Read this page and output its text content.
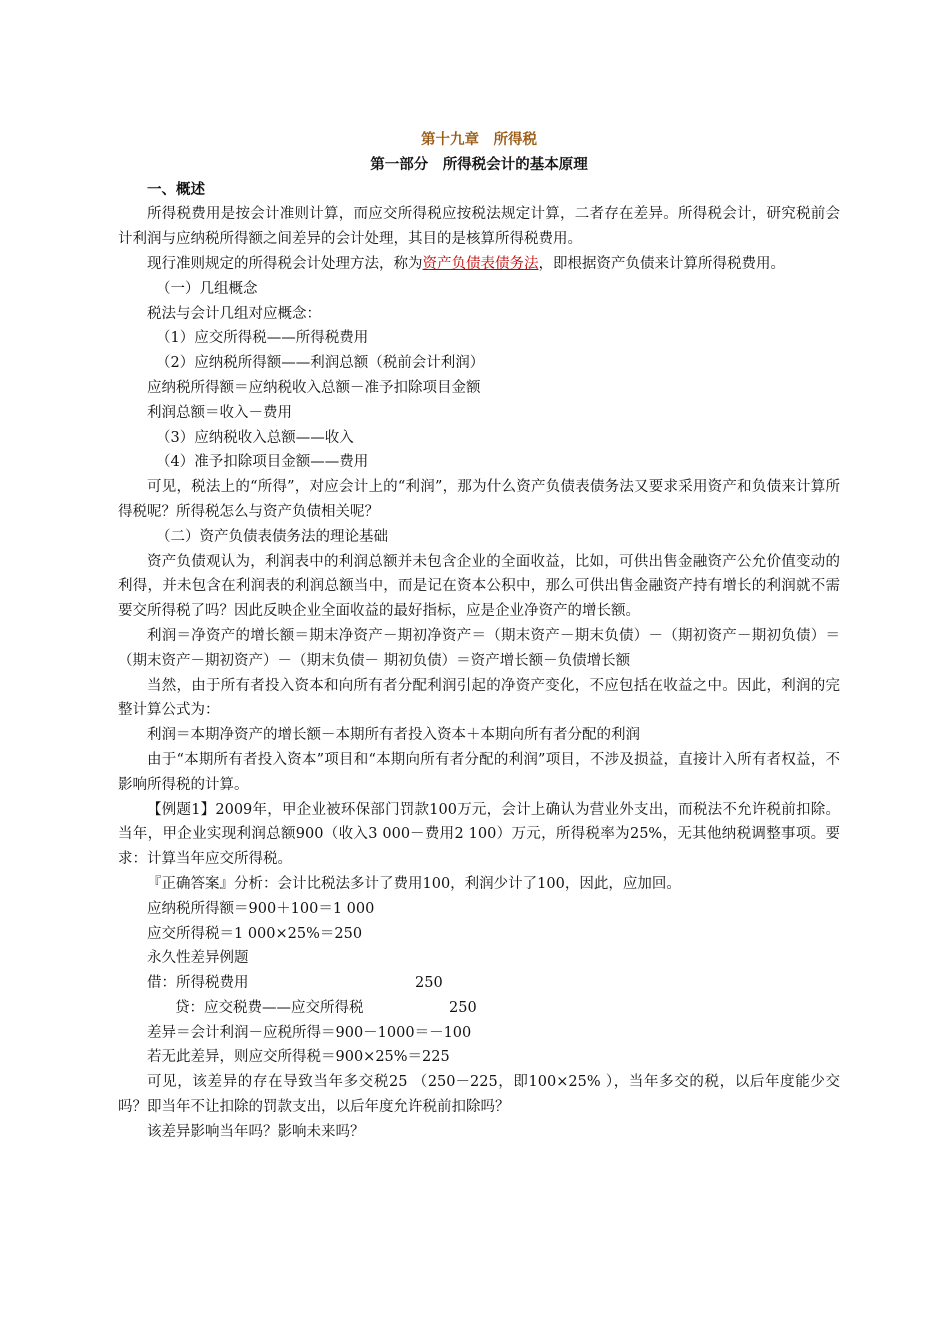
第十九章　所得税
第一部分　所得税会计的基本原理
一、概述

所得税费用是按会计准则计算，而应交所得税应按税法规定计算，二者存在差异。所得税会计，研究税前会计利润与应纳税所得额之间差异的会计处理，其目的是核算所得税费用。

现行准则规定的所得税会计处理方法，称为资产负债表债务法，即根据资产负债来计算所得税费用。

（一）几组概念

税法与会计几组对应概念：

（1）应交所得税——所得税费用

（2）应纳税所得额——利润总额（税前会计利润）

应纳税所得额＝应纳税收入总额－准予扣除项目金额

利润总额＝收入－费用

（3）应纳税收入总额——收入

（4）准予扣除项目金额——费用

可见，税法上的“所得”，对应会计上的“利润”，那为什么资产负债表债务法又要求采用资产和负债来计算所得税呢？所得税怎么与资产负债相关呢？

（二）资产负债表债务法的理论基础

资产负债观认为，利润表中的利润总额并未包含企业的全面收益，比如，可供出售金融资产公允价值变动的利得，并未包含在利润表的利润总额当中，而是记在资本公积中，那么可供出售金融资产持有增长的利润就不需要交所得税了吗？因此反映企业全面收益的最好指标，应是企业净资产的增长额。

利润＝净资产的增长额＝期末净资产－期初净资产＝（期末资产－期末负债）－（期初资产－期初负债）＝（期末资产－期初资产）－（期末负债－ 期初负债）＝资产增长额－负债增长额

当然，由于所有者投入资本和向所有者分配利润引起的净资产变化，不应包括在收益之中。因此，利润的完整计算公式为：

利润＝本期净资产的增长额－本期所有者投入资本＋本期向所有者分配的利润

由于“本期所有者投入资本”项目和“本期向所有者分配的利润”项目，不涉及损益，直接计入所有者权益，不影响所得税的计算。

【例题1】2009年，甲企业被环保部门罚款100万元，会计上确认为营业外支出，而税法不允许税前扣除。当年，甲企业实现利润总额900（收入3 000－费用2 100）万元，所得税率为25%，无其他纳税调整事项。要求：计算当年应交所得税。

『正确答案』分析：会计比税法多计了费用100，利润少计了100，因此，应加回。

应纳税所得额＝900＋100＝1 000

应交所得税＝1 000×25%＝250

永久性差异例题

借：所得税费用	250
贷：应交税费——应交所得税	250

差异＝会计利润－应税所得＝900－1000＝－100

若无此差异，则应交所得税＝900×25%＝225

可见，该差异的存在导致当年多交税25 （250－225，即100×25% ），当年多交的税，以后年度能少交吗？即当年不让扣除的罚款支出，以后年度允许税前扣除吗？

该差异影响当年吗？影响未来吗？
